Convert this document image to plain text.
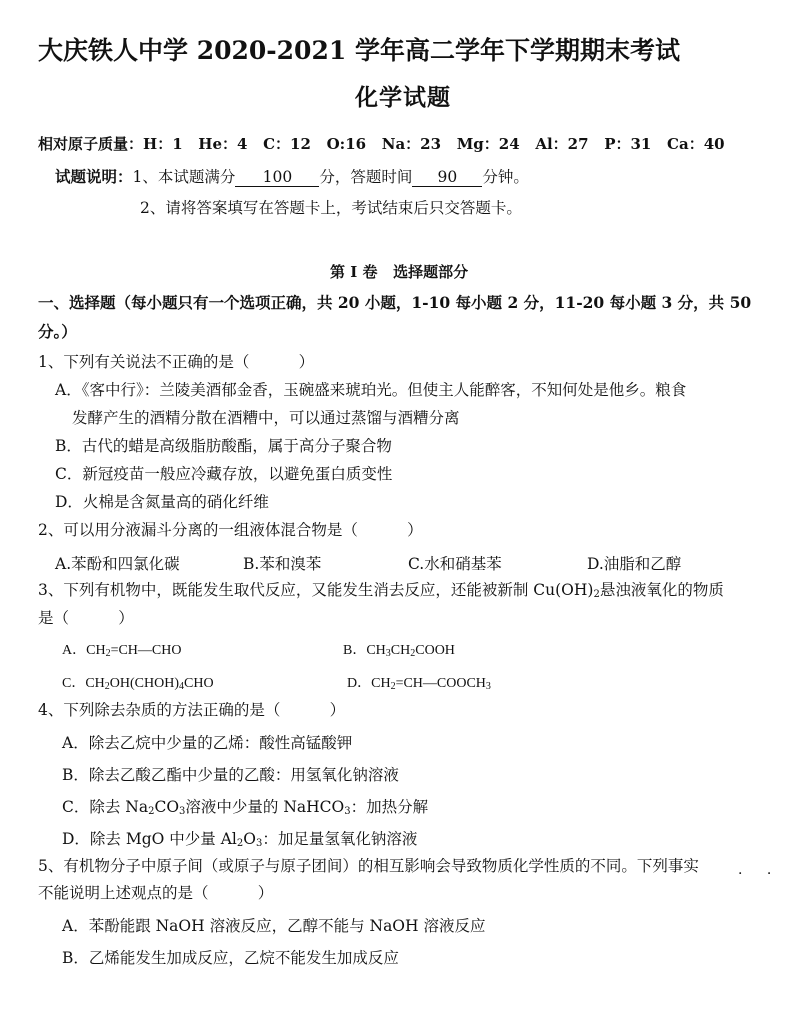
大庆铁人中学 2020-2021 学年高二学年下学期期末考试
化学试题
相对原子质量：H：1   He：4   C：12   O:16   Na：23   Mg：24   Al：27   P：31   Ca：40
试题说明：1、本试题满分 100 分，答题时间 90 分钟。
2、请将答案填写在答题卡上，考试结束后只交答题卡。
第 I 卷   选择题部分
一、选择题（每小题只有一个选项正确，共 20 小题，1-10 每小题 2 分，11-20 每小题 3 分，共 50
分。）
1、下列有关说法不正确的是（          ）
A．《客中行》：兰陵美酒郁金香，玉碗盛来琥珀光。但使主人能醉客，不知何处是他乡。粮食
发酵产生的酒精分散在酒糟中，可以通过蒸馏与酒糟分离
B．古代的蜡是高级脂肪酸酯，属于高分子聚合物
C．新冠疫苗一般应冷藏存放，以避免蛋白质变性
D．火棉是含氮量高的硝化纤维
2、可以用分液漏斗分离的一组液体混合物是（          ）
A.苯酚和四氯化碳	B.苯和溴苯	C.水和硝基苯	D.油脂和乙醇
3、下列有机物中，既能发生取代反应，又能发生消去反应，还能被新制 $Cu(OH)_2$悬浊液氧化的物质
是（          ）
A．$CH_2=CH—CHO$	B．$CH_3CH_2COOH$
C．$CH_2OH(CHOH)_4CHO$	D．$CH_2=CH—COOCH_3$
4、下列除去杂质的方法正确的是（          ）
A．除去乙烷中少量的乙烯：酸性高锰酸钾
B．除去乙酸乙酯中少量的乙酸：用氢氧化钠溶液
C．除去 $Na_2CO_3$溶液中少量的 NaHCO$_3$：加热分解
D．除去 MgO 中少量 $Al_2O_3$：加足量氢氧化钠溶液
5、有机物分子中原子间（或原子与原子团间）的相互影响会导致物质化学性质的不同。下列事实	· ·
不能说明上述观点的是（          ）
A．苯酚能跟 NaOH 溶液反应，乙醇不能与 NaOH 溶液反应
B．乙烯能发生加成反应，乙烷不能发生加成反应
